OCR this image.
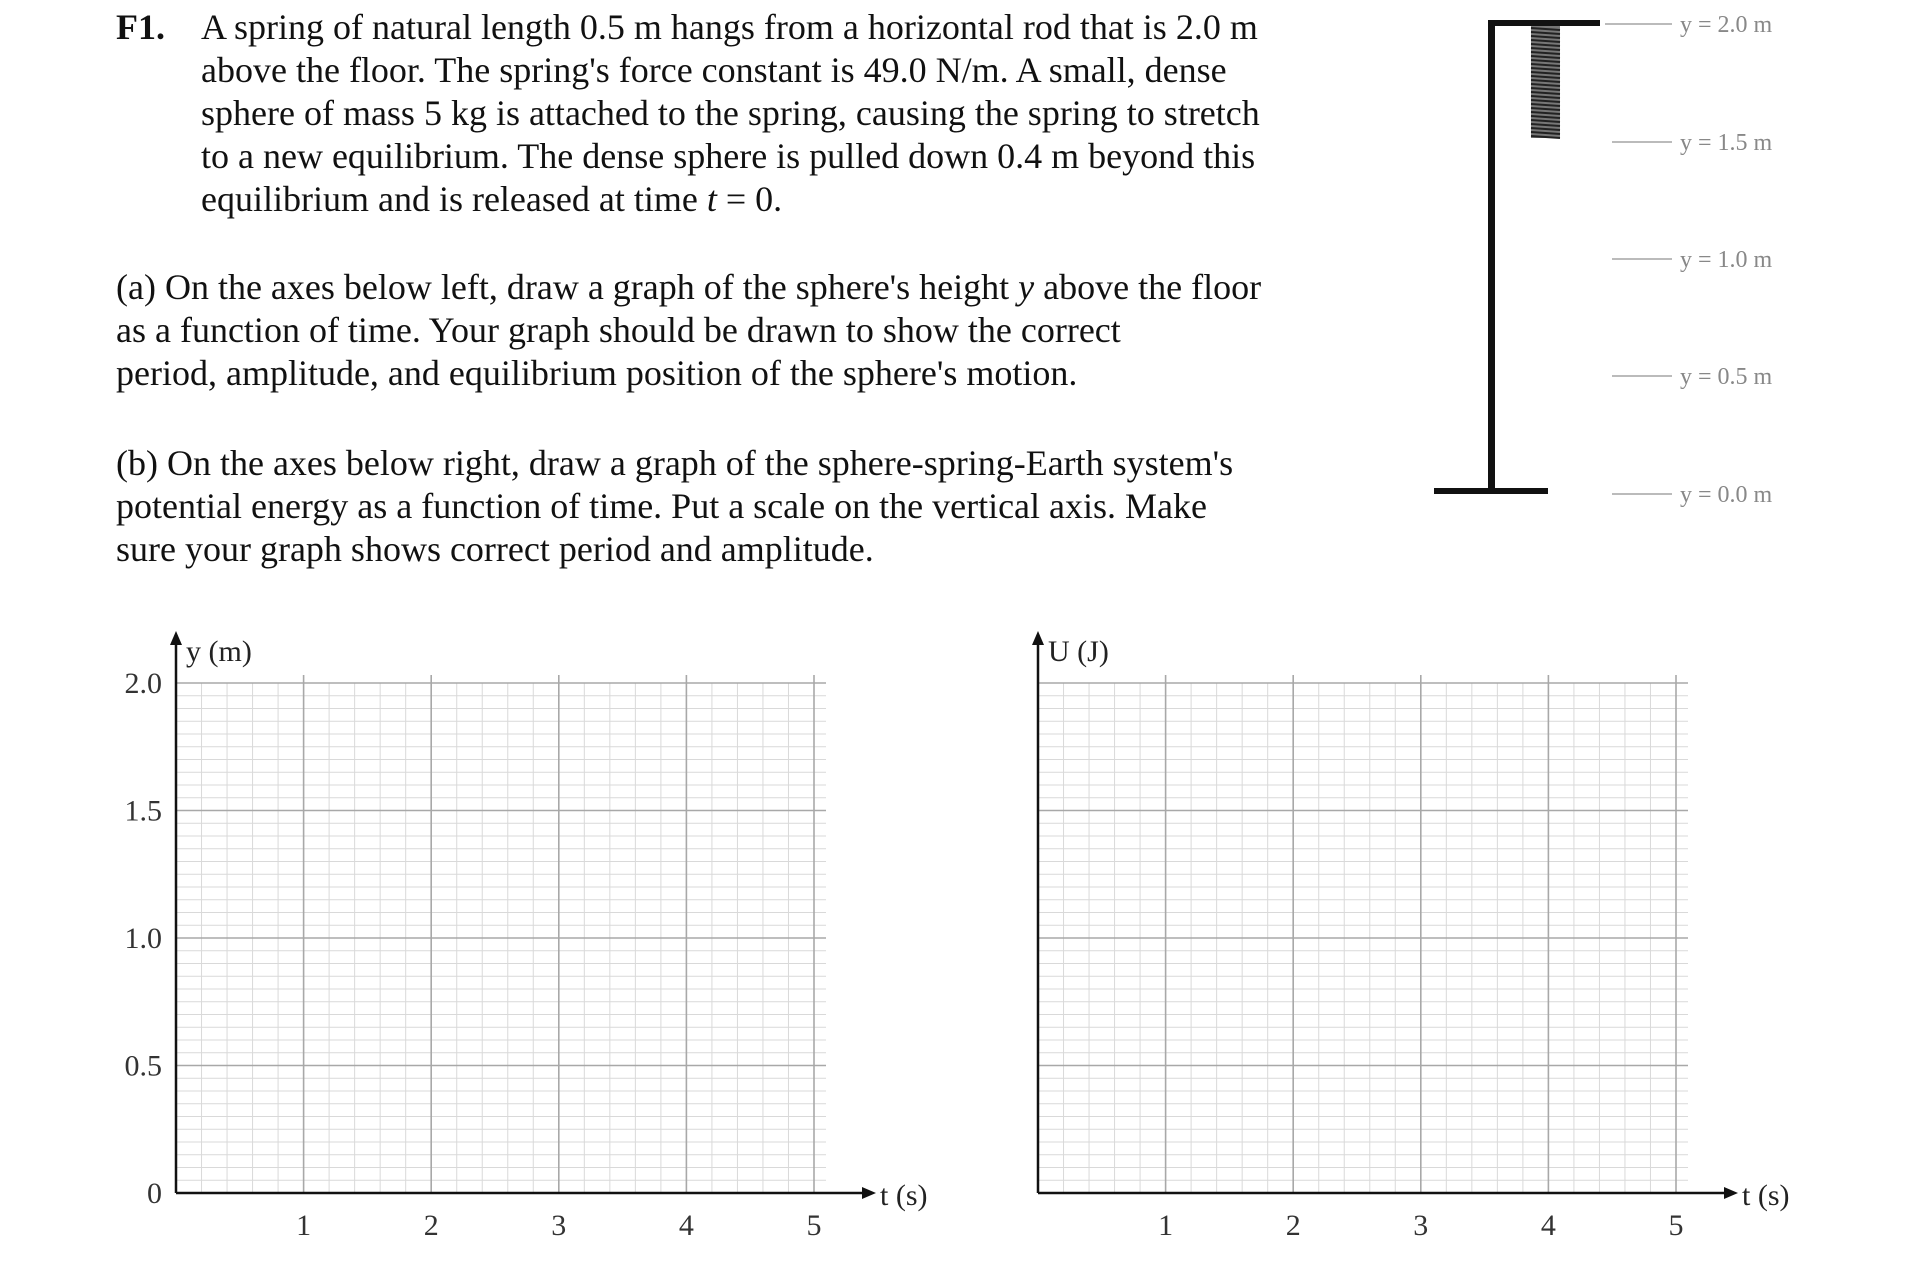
F1. A spring of natural length 0.5 m hangs from a horizontal rod that is 2.0 m
above the floor. The spring's force constant is 49.0 N/m. A small, dense
sphere of mass 5 kg is attached to the spring, causing the spring to stretch
to a new equilibrium. The dense sphere is pulled down 0.4 m beyond this
equilibrium and is released at time t = 0.
(a) On the axes below left, draw a graph of the sphere's height y above the floor
as a function of time. Your graph should be drawn to show the correct
period, amplitude, and equilibrium position of the sphere's motion.
(b) On the axes below right, draw a graph of the sphere-spring-Earth system's
potential energy as a function of time. Put a scale on the vertical axis. Make
sure your graph shows correct period and amplitude.
y = 2.0 m
y = 1.5 m
y = 1.0 m
y = 0.5 m
y = 0.0 m
y (m)
t (s)
1	2	3	4	5
2.0
1.5
1.0
0.5
0
U (J)
t (s)
1	2	3	4	5
